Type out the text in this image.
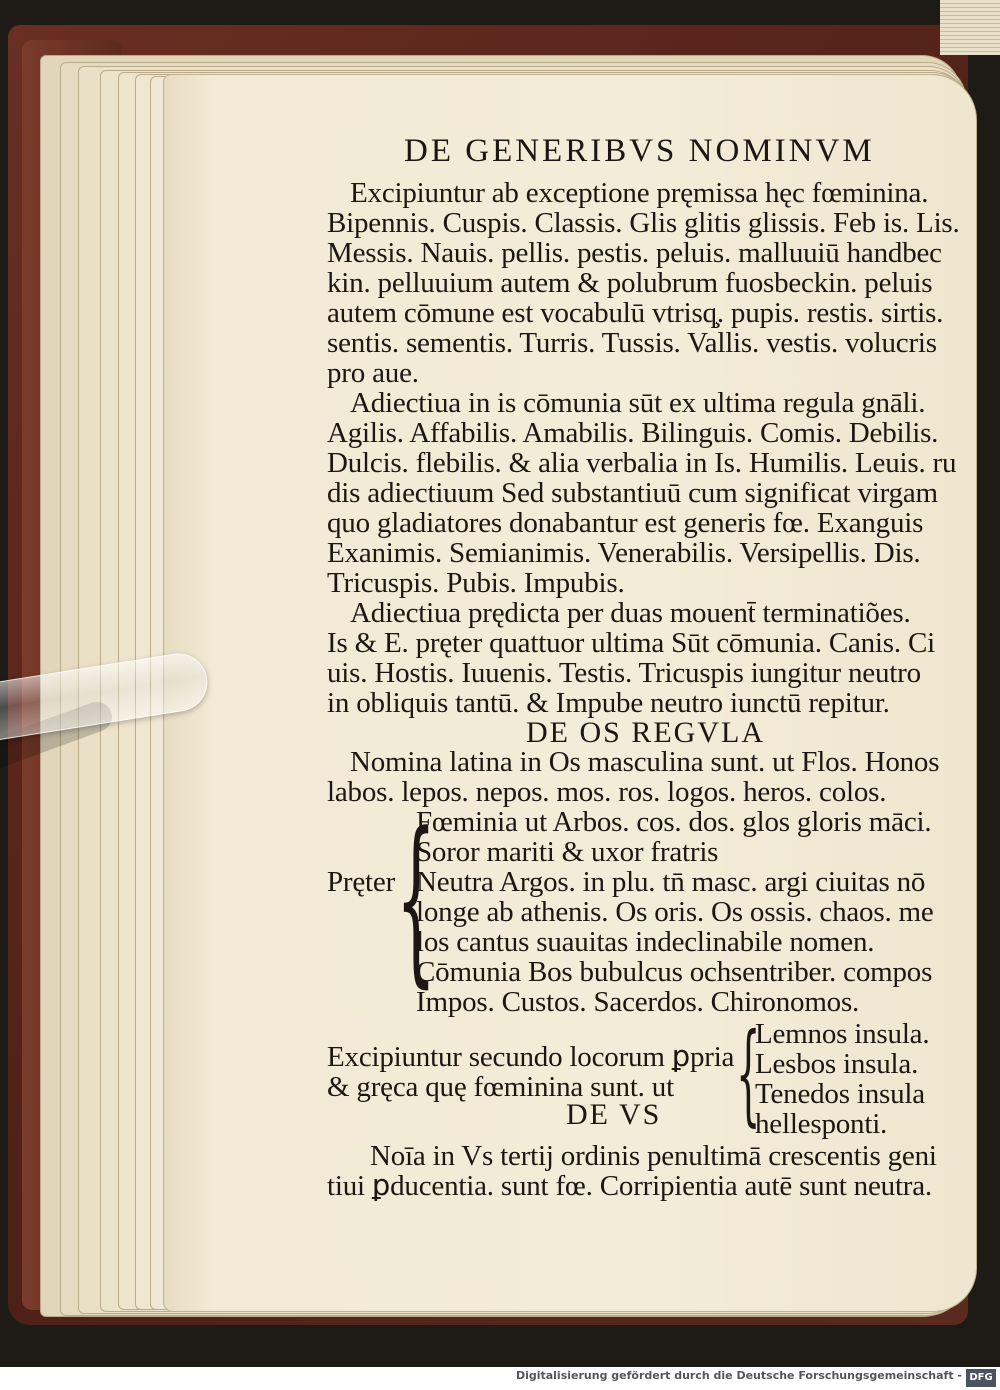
DE GENERIBVS NOMINVM
Excipiuntur ab exceptione pręmissa hęc fœminina.
Bipennis. Cuspis. Classis. Glis glitis glissis. Feb is. Lis.
Messis. Nauis. pellis. pestis. peluis. malluuiū handbec
kin. pelluuium autem & polubrum fuosbeckin. peluis
autem cōmune est vocabulū vtrisq̧. pupis. restis. sirtis.
sentis. sementis. Turris. Tussis. Vallis. vestis. volucris
pro aue.
Adiectiua in is cōmunia sūt ex ultima regula gnāli.
Agilis. Affabilis. Amabilis. Bilinguis. Comis. Debilis.
Dulcis. flebilis. & alia verbalia in Is. Humilis. Leuis. ru
dis adiectiuum Sed substantiuū cum significat virgam
quo gladiatores donabantur est generis fœ. Exanguis
Exanimis. Semianimis. Venerabilis. Versipellis. Dis.
Tricuspis. Pubis. Impubis.
Adiectiua prędicta per duas mouent̄ terminatiões.
Is & E. pręter quattuor ultima Sūt cōmunia. Canis. Ci
uis. Hostis. Iuuenis. Testis. Tricuspis iungitur neutro
in obliquis tantū. & Impube neutro iunctū repitur.
DE OS REGVLA
Nomina latina in Os masculina sunt. ut Flos. Honos
labos. lepos. nepos. mos. ros. logos. heros. colos.
Pręter {
Fœminia ut Arbos. cos. dos. glos gloris māci.
Soror mariti & uxor fratris
Neutra Argos. in plu. tn̄ masc. argi ciuitas nō
longe ab athenis. Os oris. Os ossis. chaos. me
los cantus suauitas indeclinabile nomen.
Cōmunia Bos bubulcus ochsentriber. compos
Impos. Custos. Sacerdos. Chironomos.
Excipiuntur secundo locorum ꝑpria
& gręca quę fœminina sunt. ut {
Lemnos insula.
Lesbos insula.
Tenedos insula
hellesponti.
DE VS
Noīa in Vs tertij ordinis penultimā crescentis geni
tiui ꝑducentia. sunt fœ. Corripientia autē sunt neutra.
Digitalisierung gefördert durch die Deutsche Forschungsgemeinschaft - DFG
